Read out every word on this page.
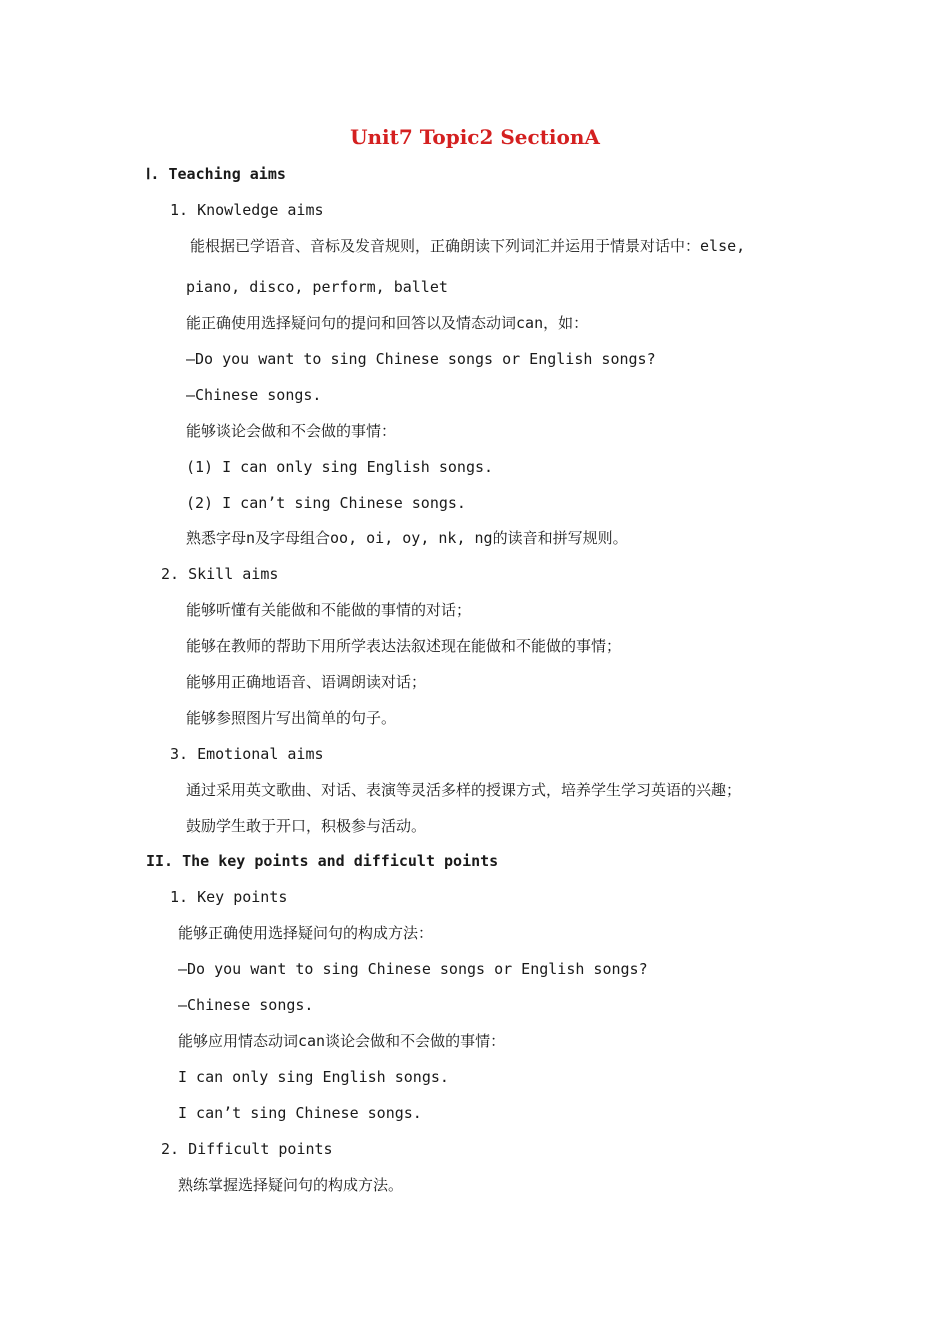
Unit7 Topic2 SectionA
Ⅰ. Teaching aims
1. Knowledge aims
能根据已学语音、音标及发音规则，正确朗读下列词汇并运用于情景对话中：else,
piano, disco, perform, ballet
能正确使用选择疑问句的提问和回答以及情态动词can，如：
—Do you want to sing Chinese songs or English songs?
—Chinese songs.
能够谈论会做和不会做的事情：
(1) I can only sing English songs.
(2) I can’t sing Chinese songs.
熟悉字母n及字母组合oo, oi, oy, nk, ng的读音和拼写规则。
2. Skill aims
能够听懂有关能做和不能做的事情的对话；
能够在教师的帮助下用所学表达法叙述现在能做和不能做的事情；
能够用正确地语音、语调朗读对话；
能够参照图片写出简单的句子。
3. Emotional aims
通过采用英文歌曲、对话、表演等灵活多样的授课方式，培养学生学习英语的兴趣；
鼓励学生敢于开口，积极参与活动。
II. The key points and difficult points
1. Key points
能够正确使用选择疑问句的构成方法：
—Do you want to sing Chinese songs or English songs?
—Chinese songs.
能够应用情态动词can谈论会做和不会做的事情：
I can only sing English songs.
I can’t sing Chinese songs.
2. Difficult points
熟练掌握选择疑问句的构成方法。
